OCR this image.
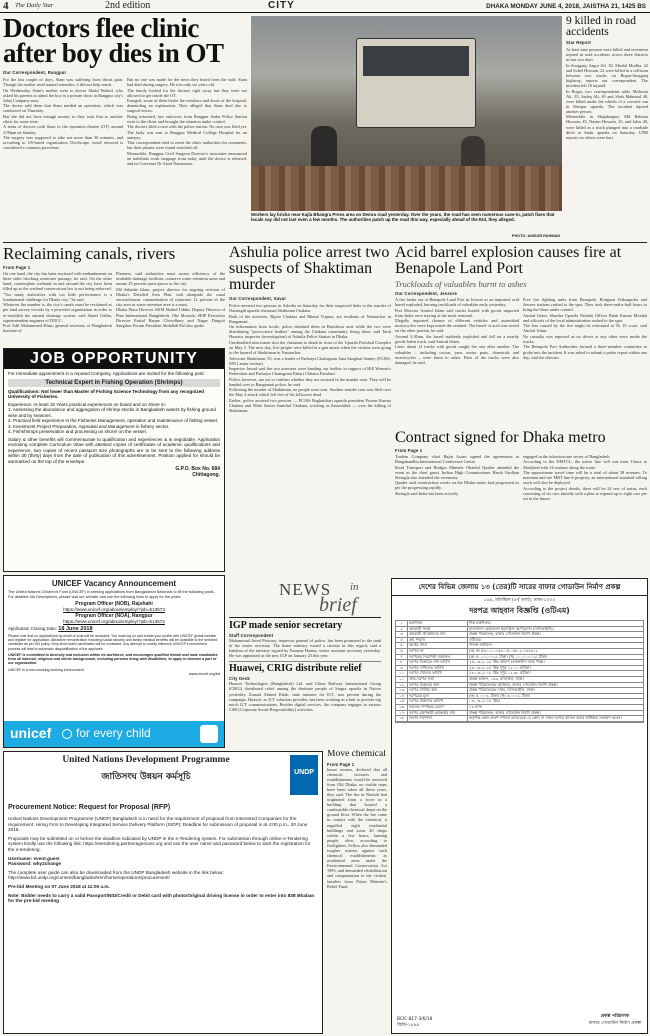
4 The Daily Star	2nd edition	CITY	DHAKA MONDAY JUNE 4, 2018, JAISTHA 21, 1425 BS
Doctors flee clinic after boy dies in OT
Our Correspondent, Rangpur

For the last couple of days, Siam was suffering from throat pain. Though his mother tried natural remedies, it did not help much.

On Wednesday, Siam's mother went to doctor Abdul Wadud, who asked his parents to admit the boy to a private clinic in Rangpur city's Jahaj Company area.

The doctor told them that Siam needed an operation, which was conducted on Thursday.

But she did not have enough money so they took him to another clinic for some tests.

A team of doctors took Siam to the operation theatre (OT) around 3:00pm on Sunday.

The surgery was supposed to take not more than 30 minutes, and according to US-based organisation Tlecdscape, tonsil removal is considered a common procedure.

But no one was made for the news they heard from the staff. Siam had died during surgery. He was only six years old.

The family looked for the doctors right away but they were not allowed to get inside the OT.

Enraged, some of them broke the windows and doors of the hospital, demanding an explanation. They alleged that Siam died due to surgical errors.

Being informed, law enforcers from Rangpur Sadar Police Station went to the clinic and brought the situation under control.

The doctors filed a case with the police station. No case was filed yet. The body was sent to Rangpur Medical College Hospital for an autopsy.

This correspondent tried to reach the clinic authorities for comments, but their phones were found switched off.

Meanwhile, Rangpur Civil Surgeon Director's associates announced an indefinite work stoppage from today until the doctor is released, and its Convener Dr Afzal Nunamazir.

Workers lay bricks near Kajla Bhangra Press area on Demra road yesterday. Over the years, the road has seen numerous cave-in, patch fixes that locals say did not last even a few months. The authorities patch up the road this way, especially ahead of the Eid, they alleged.
PHOTO: ANISUR RAHMAN
9 killed in road accidents
Star Report

At least nine persons were killed and seventeen injured in road accidents across three districts in last two days.

In Sirajganj, Sagor Ali, 30, Mridul Mridha, 22 and Sohel Hossain, 22 were killed in a collision between two trucks on Bogra-Sirajganj highway, reports our correspondent. The incident left 10 injured.

In Bogra, two correspondents adds, Mohosin Ali, 35, Sadeq Ali, 40 and Shah Mahmud 48, were killed under the wheels of a covered van in Sherpur upazila. The incident injured another person.

Meanwhile in Shajahanpur, Md Rahmat Hossain, 45, Nazim Hossain, 25, and Jalus 40, were killed as a truck plunged into a roadside ditch in Sadar upazila on Saturday. UNB reports six others were hurt.

Reclaiming canals, rivers
From Page 1

On one hand, the city has been enclosed with embankments on three sides blocking rainwater passage, he said. On the other hand, contemplate wetlands in and around the city have been filled up as the wetland conservation law is not being enforced.

"Too many authorities with too little performance is a fundamental challenge for Dhaka city," he said.

Whatever the number is, the city's canals must be reclaimed as per land survey records by a powerful organisation in order to re-establish the natural drainage system, said Sharif Uddin, superintendent engineer of DNCC.

Prof Adil Mohammed Khan, general secretary of Bangladesh Institute of

Planners, said authorities must assess efficiency of the available drainage facilities, conserve water retention areas and ensure 25 percent open spaces in the city.

Md Sahadat Islam, project director for ongoing revision of Dhaka's Detailed Area Plan, said alongside the canal encroachment, contamination of rainwater 12 percent of the city area as water retention area is a must.

Dhaka Wasa Director AKM Shahid Uddin, Deputy Director of Plan International Bangladesh, Ohe Mostafa, SEIP Executive Director Fazlul Haque Chowdhury and Nagar Durgoti Sangskar Forum President Abdullah Pal also spoke.

JOB OPPORTUNITY
For Immediate appointment in a reputed Company, Applications are invited for the following post:
Technical Expert in Fishing Operation (Shrimps)
Qualifications: Not lower than Master of Fishing Science Technology from any recognized University of Fisheries.
Experience: At least 15 Years practical experiences on board and on shore in:
1. Assessing the abundance and aggregation of shrimp stocks in Bangladesh waters by fishing ground wise and by seasons.
2. Practical field experience in the Fisheries Management, operation and maintenance of fishing vessel.
3. Investment Project Preparation, Appraisal and Management in fishery sector.
4. Fishshrimps preservation and processing on shore/ on the vessel.
Salary & other benefits will commensurate to qualification and experiences & is negotiable. Application enclosing complete Curriculum Vitae with attested copies of certificates of academic qualifications and experience, two copies of recent passport size photographs are to be sent to the following address within 30 (thirty) days from the date of publication of this advertisement. Position applied for should be earmarked on the top of the envelope.
G.P.O. Box No. 684
Chittagong.
UNICEF Vacancy Announcement
The United Nations Children's Fund (UNICEF) in seeking applications from Bangladeshi Nationals to fill the following posts. For detailed Job Descriptions, please visit our website and use the following links to apply for the posts:
Program Officer (NOB), Rajshahi
https://www.unicef.org/about/employ/?job=513573
Program Officer (NOA), Rangpur
https://www.unicef.org/about/employ/?job=513572
Application Closing Date: 18 June 2018
Please note that no applications by email or post will be accepted. You must log on and create your profile with UNICEF global website and register for application. Attractive remuneration including social security and family medical benefits will be available to the selected candidate as per UN policy. Only short listed candidates will be contacted. Any attempt to unduly influence UNICEF's recruitment process will lead to automatic disqualification of the applicant.
UNICEF is committed to diversity and inclusion within its workforce, and encourages qualified female and male candidates from all national, religious and ethnic backgrounds, including persons living with disabilities, to apply to become a part of our organization.
UNICEF is a non-smoking working environment
www.unicef.org/bd
unicef for every child
United Nations Development Programme
জাতিসংঘ উন্নয়ন কর্মসূচি	UNDP
Procurement Notice: Request for Proposal (RFP)
United Nations Development Programme (UNDP) Bangladesh is in need for the requirement of proposal from Interested Companies for the requirement: Hiring Firm to Developing Integrated Service Delivery Platform (ISDP); Deadline for submission of proposal is at 4:00 p.m., 20 June 2018.
Proposals may be submitted on or before the deadline indicated by UNDP in the e-Tendering system. For submission through online e-Tendering system kindly use the following link: https://etendering.partneragencies.org and use the user name and password below to start the registration for the e-tendering.
Username: event.guest
Password: why2change
The complete user guide can also be downloaded from the UNDP Bangladesh website in the link below; http://www.bd.undp.org/content/bangladesh/en/home/operations/procurement/
Pre-bid Meeting on 07 June 2018 at 11:00 a.m.
Note: Bidder needs to carry a valid Passport/NID/Credit or Debit card with photo/Original driving license in order to enter into IDB Bhaban for the pre-bid meeting
Ashulia police arrest two suspects of Shaktiman murder
Our Correspondent, Savar

Police arrested two persons in Ashulia on Saturday for their suspected links to the murder of Narsingdi upazila chairman Shahiman Chakma.

Both of the arrestees, Bipon Chakma and Bharat Tripura, are residents of Naniarchar in Rangamati.

On information from locals, police detained them in Basithwar area while the two were distributing "provocative leaflets" among the Chakma community living there, said Tarul Hassain, inspector (investigation) of Ashulia Police Station in Dhaka.

Unidentified miscreants shot the chairman to death in front of the Upazila Parishad Complex on May 3. The next day, five people were killed in a gun attack when the victims were going to the funeral of Shaktiman in Naniarchar.

Advocate Shaktiman, 55, was a leader of Parbatya Chattagram Jana Sanghati Samity (PCJSS, MN Larma faction).

Inspector Jawad said the two arrestees were handing out leaflets in support of Hill Women's Federation and Parbatya Chattagram Pahari Chhatra Parishad.

Police, however, are yet to confirm whether they are accused in the murder case. They will be handed over to Rangamati police, he said.

Following the murder of Shaktiman, no people were sent. Another murder case was filed over the May 4 attack which left five of his followers dead.

Earlier, police arrested two persons — PCJSS Baghaichari upazila president Prosun Kumar Chakma and Mahi Sarion Sunirbal Chakma, working as Sastashthik — over the killing of Shaktiman.

Acid barrel explosion causes fire at Benapole Land Port
Truckloads of valuables burnt to ashes
Our Correspondent, Jessore

A fire broke out at Benapole Land Port in Jessore as an imported acid barrel exploded, burning truckloads of valuables early yesterday.

Port Director Amirul Islam said trucks loaded with goods imported from India were staying at the truck terminal.

Illegally imported cleanse of different vehicles and assembled motorcycles were kept inside the sentinel. The barrel of acid was stored on the other portion, he said.

Around 3:30am, the barrel suddenly exploded and fell on a nearby goods-laden truck, said Amirul Islam.

Later, about 12 trucks with goods caught fire one after another. The valuables – including cotton, yarn, motor parts, chemicals and motorcycles – were burnt to ashes. Parts of the trucks were also damaged, he said.

Five fire fighting units from Benapole, Bongaon Jhikargacha and Jessore stations rushed to the spot. They took three-and-a-half hours to bring the blaze under control.

Amirul Islam, Sharsha Upazila Nirbahi Officer Palak Kumar Mondal and officials of the local administration rushed to the spot.

The loss caused by the fire might be estimated at Tk 10 crore, said Amirul Islam.

No casualty was reported as no driver or any other were inside the trucks.

The Benapole Port Authorities formed a three-member committee to probe into the incident. It was asked to submit a probe report within one day, said the director.

Contract signed for Dhaka metro
From Page 1

Tradein Company chief Bajin Assan signed the agreements at Bangabandhu International Conference Centre.

Road Transport and Bridges Minister Obaidul Quader attended the event as the chief guest. Indian High Commissioner Harsh Vardhan Shringla also attended the ceremony.

Quader said construction works on the Dhaka metro had progressed as per the progressing rapidly.

Shringla said India has been actively

engaged in the infrastructure sector of Bangladesh.

According to the DMTCL, the metro line will run from Uttara to Motijheel with 16 stations along the route.

The approximate travel time will be a total of about 38 minutes. To maintain and see MRT line-6 property, an international standard rolling stock will also be deployed.

According to the project details, there will be 24 sets of trains, each consisting of six cars initially with a plan to expand up to eight cars per set in the future.

NEWS in
brief
IGP made senior secretary
Staff Correspondent
Mohammad Javed Patwary, inspector general of police, has been promoted to the rank of the senior secretary. The home ministry issued a circular in this regard, said a handout of the ministry signed by Fazuma Hamm, senior assistant secretary yesterday. He was appointed as the new IGP on January 25 this year.
Huawei, CRIG distribute relief
City Desk
Huawei Technologies (Bangladesh) Ltd. and China Railway International Group (CRIG) distributed relief among the destitute people of Singra upazila in Natore yesterday. Zunaid Ahmed Palak, state minister for ICT, was present during the campaign. Huawei, as ICT solutions provider, has been working as a link to provide top notch ICT communications. Besides digital services, the company engages in various CSR (Corporate Social Responsibility) activities.
Move chemical
From Page 1
house owners, declared that all chemical factories and establishments would be removed from Old Dhaka, no visible steps have been taken all these years, they said. The fire in Nimtoli had originated from a stove in a building that housed a combustible chemical depot on the ground floor. When the fire came in contact with the chemical, it engulfed eight residential buildings and some 20 shops within a few hours, burning people alive, according to firefighters. Fellow also demanded tougher actions against such chemical establishments as residential areas under the Environmental Conservation Act 1995, and demanded rehabilitation and compensation to the victims' families from Prime Minister's Relief Fund.
দেশের বিভিন্ন জেলায় ১৩ (তের)টি সারের বাফার গোডাউন নির্মাণ প্রকল্প
১৪৯, মতিঝিল (৪র্থ তলা), ঢাকা-১০০০
দরপত্র আহবান বিজ্ঞপ্তি (ওটিএম)
১	মন্ত্রণালয়	শিল্প মন্ত্রণালয়।
২	ক্রয়কারী সংস্থা	বাংলাদেশ কেমিক্যাল ইন্ডাস্ট্রিজ কর্পোরেশন (বিসিআইসি)।
৩	ক্রয়কারী প্রতিষ্ঠানের নাম	প্রকল্প পরিচালক, বাফার গোডাউন নির্মাণ প্রকল্প।
৪	ক্রয় পদ্ধতি	ওটিএম।
৫	অর্থের উৎস	নিজস্ব অর্থায়ন।
৬	দরপত্র নং	(ক) নং ৫৩.০১.০১৫৮.০৫.০৪৮.২০১৮/৩১২
৭	দরপত্রের নিরাপত্তা জামানত	(ক) ৫০,০০,০০০/- টাকা। (খ) ১০,০০,০০০/- টাকা।
৮	দরপত্র বিক্রয়ের শেষ তারিখ	২৫-০৬-২০১৮ খ্রিঃ অফিস চলাকালীন সময় পর্যন্ত।
৯	দরপত্র দাখিলের তারিখ	২৮-০৬-২০১৮ খ্রিঃ দুপুর ১২.০০ ঘটিকা।
১০	দরপত্র খোলার তারিখ	২৮-০৬-২০১৮ খ্রিঃ দুপুর ১২.৩০ ঘটিকা।
১১	প্রাক-দরপত্র সভা	প্রকল্প অফিস, ১৪৯, মতিঝিল, ঢাকা।
১২	দরপত্র বিক্রয়ের স্থান	প্রকল্প পরিচালকের কার্যালয়, বাফার গোডাউন নির্মাণ প্রকল্প।
১৩	দরপত্র প্রাপ্তির স্থান	প্রকল্প পরিচালকের দপ্তর, বিসিআইসি, ঢাকা।
১৪	দরপত্রের মূল্য	(ক) ৫,০০০/- টাকা। (খ) ৩,০০০/- টাকা।
১৫	দরপত্র প্রকাশের তারিখ	০৪-০৬-২০১৮ খ্রিঃ।
১৬	কাজের সম্পন্নের মেয়াদ	১৮ মাস।
১৭	দরপত্র গ্রহণকারী কর্মকর্তার নাম	প্রকল্প পরিচালক, বাফার গোডাউন নির্মাণ প্রকল্প।
১৮	বিশেষ নির্দেশনা	কর্তৃপক্ষ কোন কারণ দর্শানো ব্যতিরেকে যে কোন বা সকল দরপত্র বাতিল করার অধিকার সংরক্ষণ করেন।
প্রকল্প পরিচালক
বাফার গোডাউন নির্মাণ প্রকল্প
BCIC-817-3/6/18
জিডি-১৪৯৯
